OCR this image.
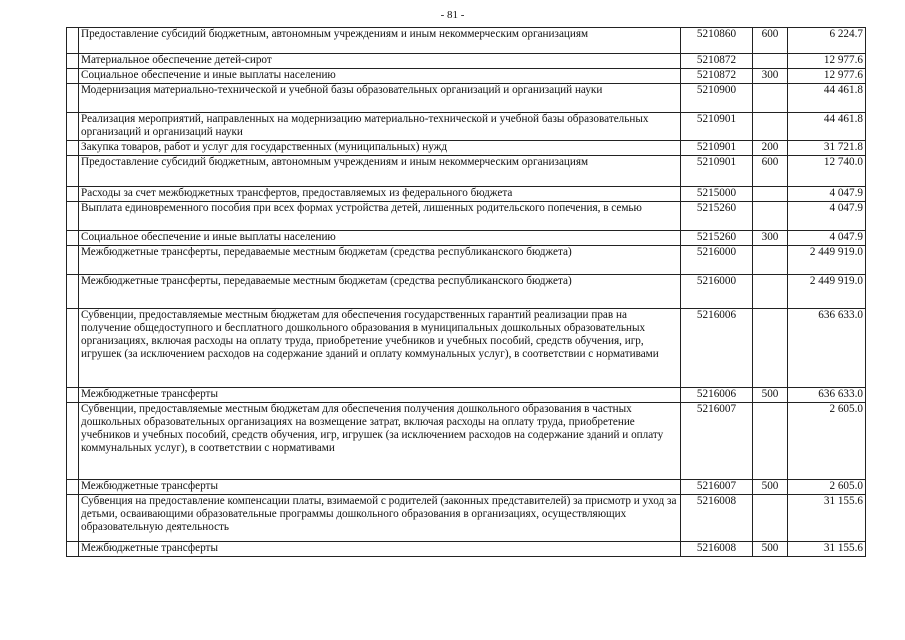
- 81 -
	Предоставление субсидий бюджетным, автономным учреждениям и иным некоммерческим организациям	5210860	600	6 224.7
	Материальное обеспечение детей-сирот	5210872		12 977.6
	Социальное обеспечение и иные выплаты населению	5210872	300	12 977.6
	Модернизация материально-технической и учебной базы образовательных организаций и организаций науки	5210900		44 461.8
	Реализация мероприятий, направленных на модернизацию материально-технической и учебной базы образовательных организаций и организаций науки	5210901		44 461.8
	Закупка товаров, работ и услуг для государственных (муниципальных) нужд	5210901	200	31 721.8
	Предоставление субсидий бюджетным, автономным учреждениям и иным некоммерческим организациям	5210901	600	12 740.0
	Расходы за счет межбюджетных трансфертов, предоставляемых из федерального бюджета	5215000		4 047.9
	Выплата единовременного пособия при всех формах устройства детей, лишенных родительского попечения, в семью	5215260		4 047.9
	Социальное обеспечение и иные выплаты населению	5215260	300	4 047.9
	Межбюджетные трансферты, передаваемые местным бюджетам (средства республиканского бюджета)	5216000		2 449 919.0
	Межбюджетные трансферты, передаваемые местным бюджетам (средства республиканского бюджета)	5216000		2 449 919.0
	Субвенции, предоставляемые местным бюджетам для обеспечения государственных гарантий реализации прав на получение общедоступного и бесплатного дошкольного образования в муниципальных дошкольных образовательных организациях, включая расходы на оплату труда, приобретение учебников и учебных пособий, средств обучения, игр, игрушек (за исключением расходов на содержание зданий и оплату коммунальных услуг), в соответствии с нормативами	5216006		636 633.0
	Межбюджетные трансферты	5216006	500	636 633.0
	Субвенции, предоставляемые местным бюджетам для обеспечения получения дошкольного образования в частных дошкольных образовательных организациях на возмещение затрат, включая расходы на оплату труда, приобретение учебников и учебных пособий, средств обучения, игр, игрушек (за исключением расходов на содержание зданий и оплату коммунальных услуг), в соответствии с нормативами	5216007		2 605.0
	Межбюджетные трансферты	5216007	500	2 605.0
	Субвенция на предоставление компенсации платы, взимаемой с родителей (законных представителей) за присмотр и уход за детьми, осваивающими образовательные программы дошкольного образования в организациях, осуществляющих образовательную деятельность	5216008		31 155.6
	Межбюджетные трансферты	5216008	500	31 155.6
